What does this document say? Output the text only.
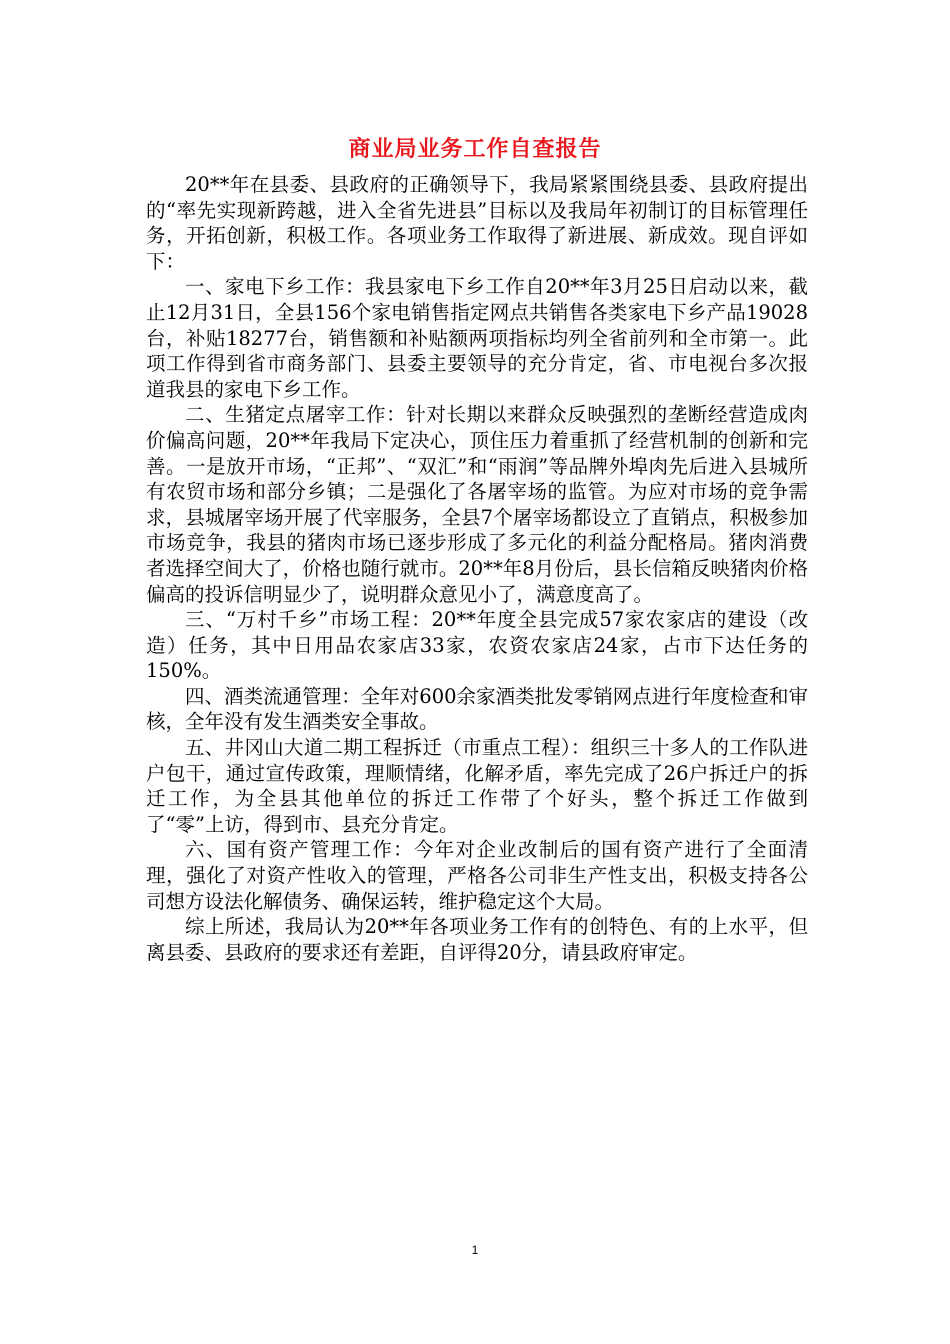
商业局业务工作自查报告

20**年在县委、县政府的正确领导下，我局紧紧围绕县委、县政府提出的“率先实现新跨越，进入全省先进县”目标以及我局年初制订的目标管理任务，开拓创新，积极工作。各项业务工作取得了新进展、新成效。现自评如下：

一、家电下乡工作：我县家电下乡工作自20**年3月25日启动以来，截止12月31日，全县156个家电销售指定网点共销售各类家电下乡产品19028台，补贴18277台，销售额和补贴额两项指标均列全省前列和全市第一。此项工作得到省市商务部门、县委主要领导的充分肯定，省、市电视台多次报道我县的家电下乡工作。

二、生猪定点屠宰工作：针对长期以来群众反映强烈的垄断经营造成肉价偏高问题，20**年我局下定决心，顶住压力着重抓了经营机制的创新和完善。一是放开市场，“正邦”、“双汇”和“雨润”等品牌外埠肉先后进入县城所有农贸市场和部分乡镇；二是强化了各屠宰场的监管。为应对市场的竞争需求，县城屠宰场开展了代宰服务，全县7个屠宰场都设立了直销点，积极参加市场竞争，我县的猪肉市场已逐步形成了多元化的利益分配格局。猪肉消费者选择空间大了，价格也随行就市。20**年8月份后，县长信箱反映猪肉价格偏高的投诉信明显少了，说明群众意见小了，满意度高了。

三、“万村千乡”市场工程：20**年度全县完成57家农家店的建设（改造）任务，其中日用品农家店33家，农资农家店24家，占市下达任务的150%。

四、酒类流通管理：全年对600余家酒类批发零销网点进行年度检查和审核，全年没有发生酒类安全事故。

五、井冈山大道二期工程拆迁（市重点工程）：组织三十多人的工作队进户包干，通过宣传政策，理顺情绪，化解矛盾，率先完成了26户拆迁户的拆迁工作，为全县其他单位的拆迁工作带了个好头，整个拆迁工作做到了“零”上访，得到市、县充分肯定。

六、国有资产管理工作：今年对企业改制后的国有资产进行了全面清理，强化了对资产性收入的管理，严格各公司非生产性支出，积极支持各公司想方设法化解债务、确保运转，维护稳定这个大局。

综上所述，我局认为20**年各项业务工作有的创特色、有的上水平，但离县委、县政府的要求还有差距，自评得20分，请县政府审定。

1
